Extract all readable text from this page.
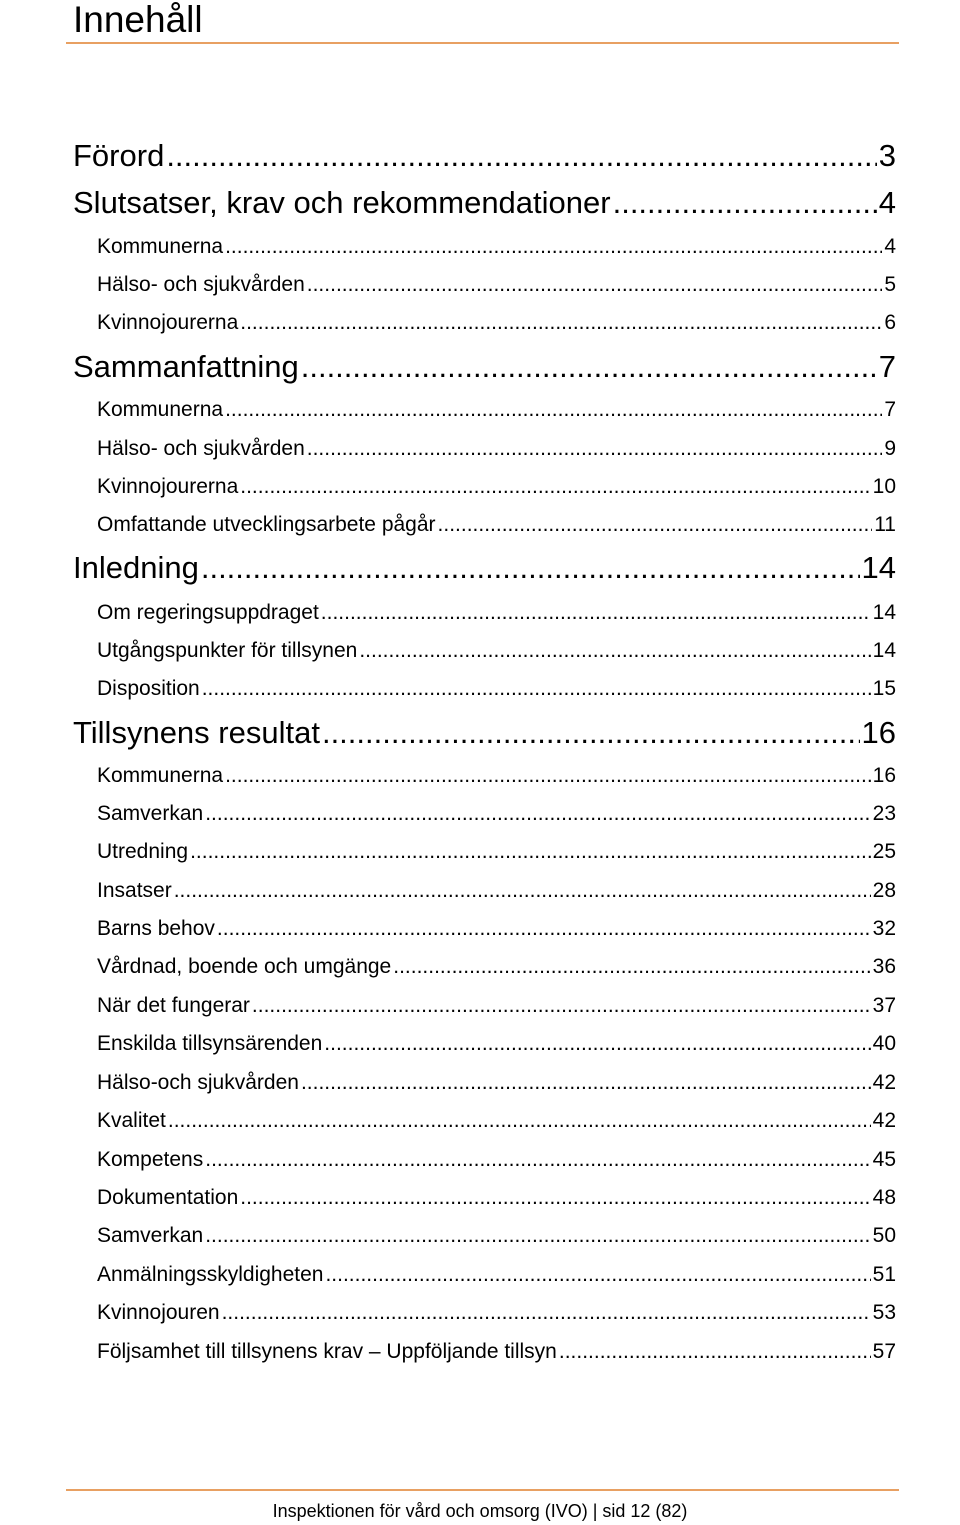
Innehåll
Förord .....	3
Slutsatser, krav och rekommendationer .....	4
Kommunerna .....	4
Hälso- och sjukvården .....	5
Kvinnojourerna .....	6
Sammanfattning .....	7
Kommunerna .....	7
Hälso- och sjukvården .....	9
Kvinnojourerna .....	10
Omfattande utvecklingsarbete pågår .....	11
Inledning .....	14
Om regeringsuppdraget .....	14
Utgångspunkter för tillsynen .....	14
Disposition .....	15
Tillsynens resultat .....	16
Kommunerna .....	16
Samverkan .....	23
Utredning .....	25
Insatser .....	28
Barns behov .....	32
Vårdnad, boende och umgänge .....	36
När det fungerar .....	37
Enskilda tillsynsärenden .....	40
Hälso-och sjukvården .....	42
Kvalitet .....	42
Kompetens .....	45
Dokumentation .....	48
Samverkan .....	50
Anmälningsskyldigheten .....	51
Kvinnojouren .....	53
Följsamhet till tillsynens krav – Uppföljande tillsyn .....	57
Inspektionen för vård och omsorg (IVO) | sid 12 (82)
